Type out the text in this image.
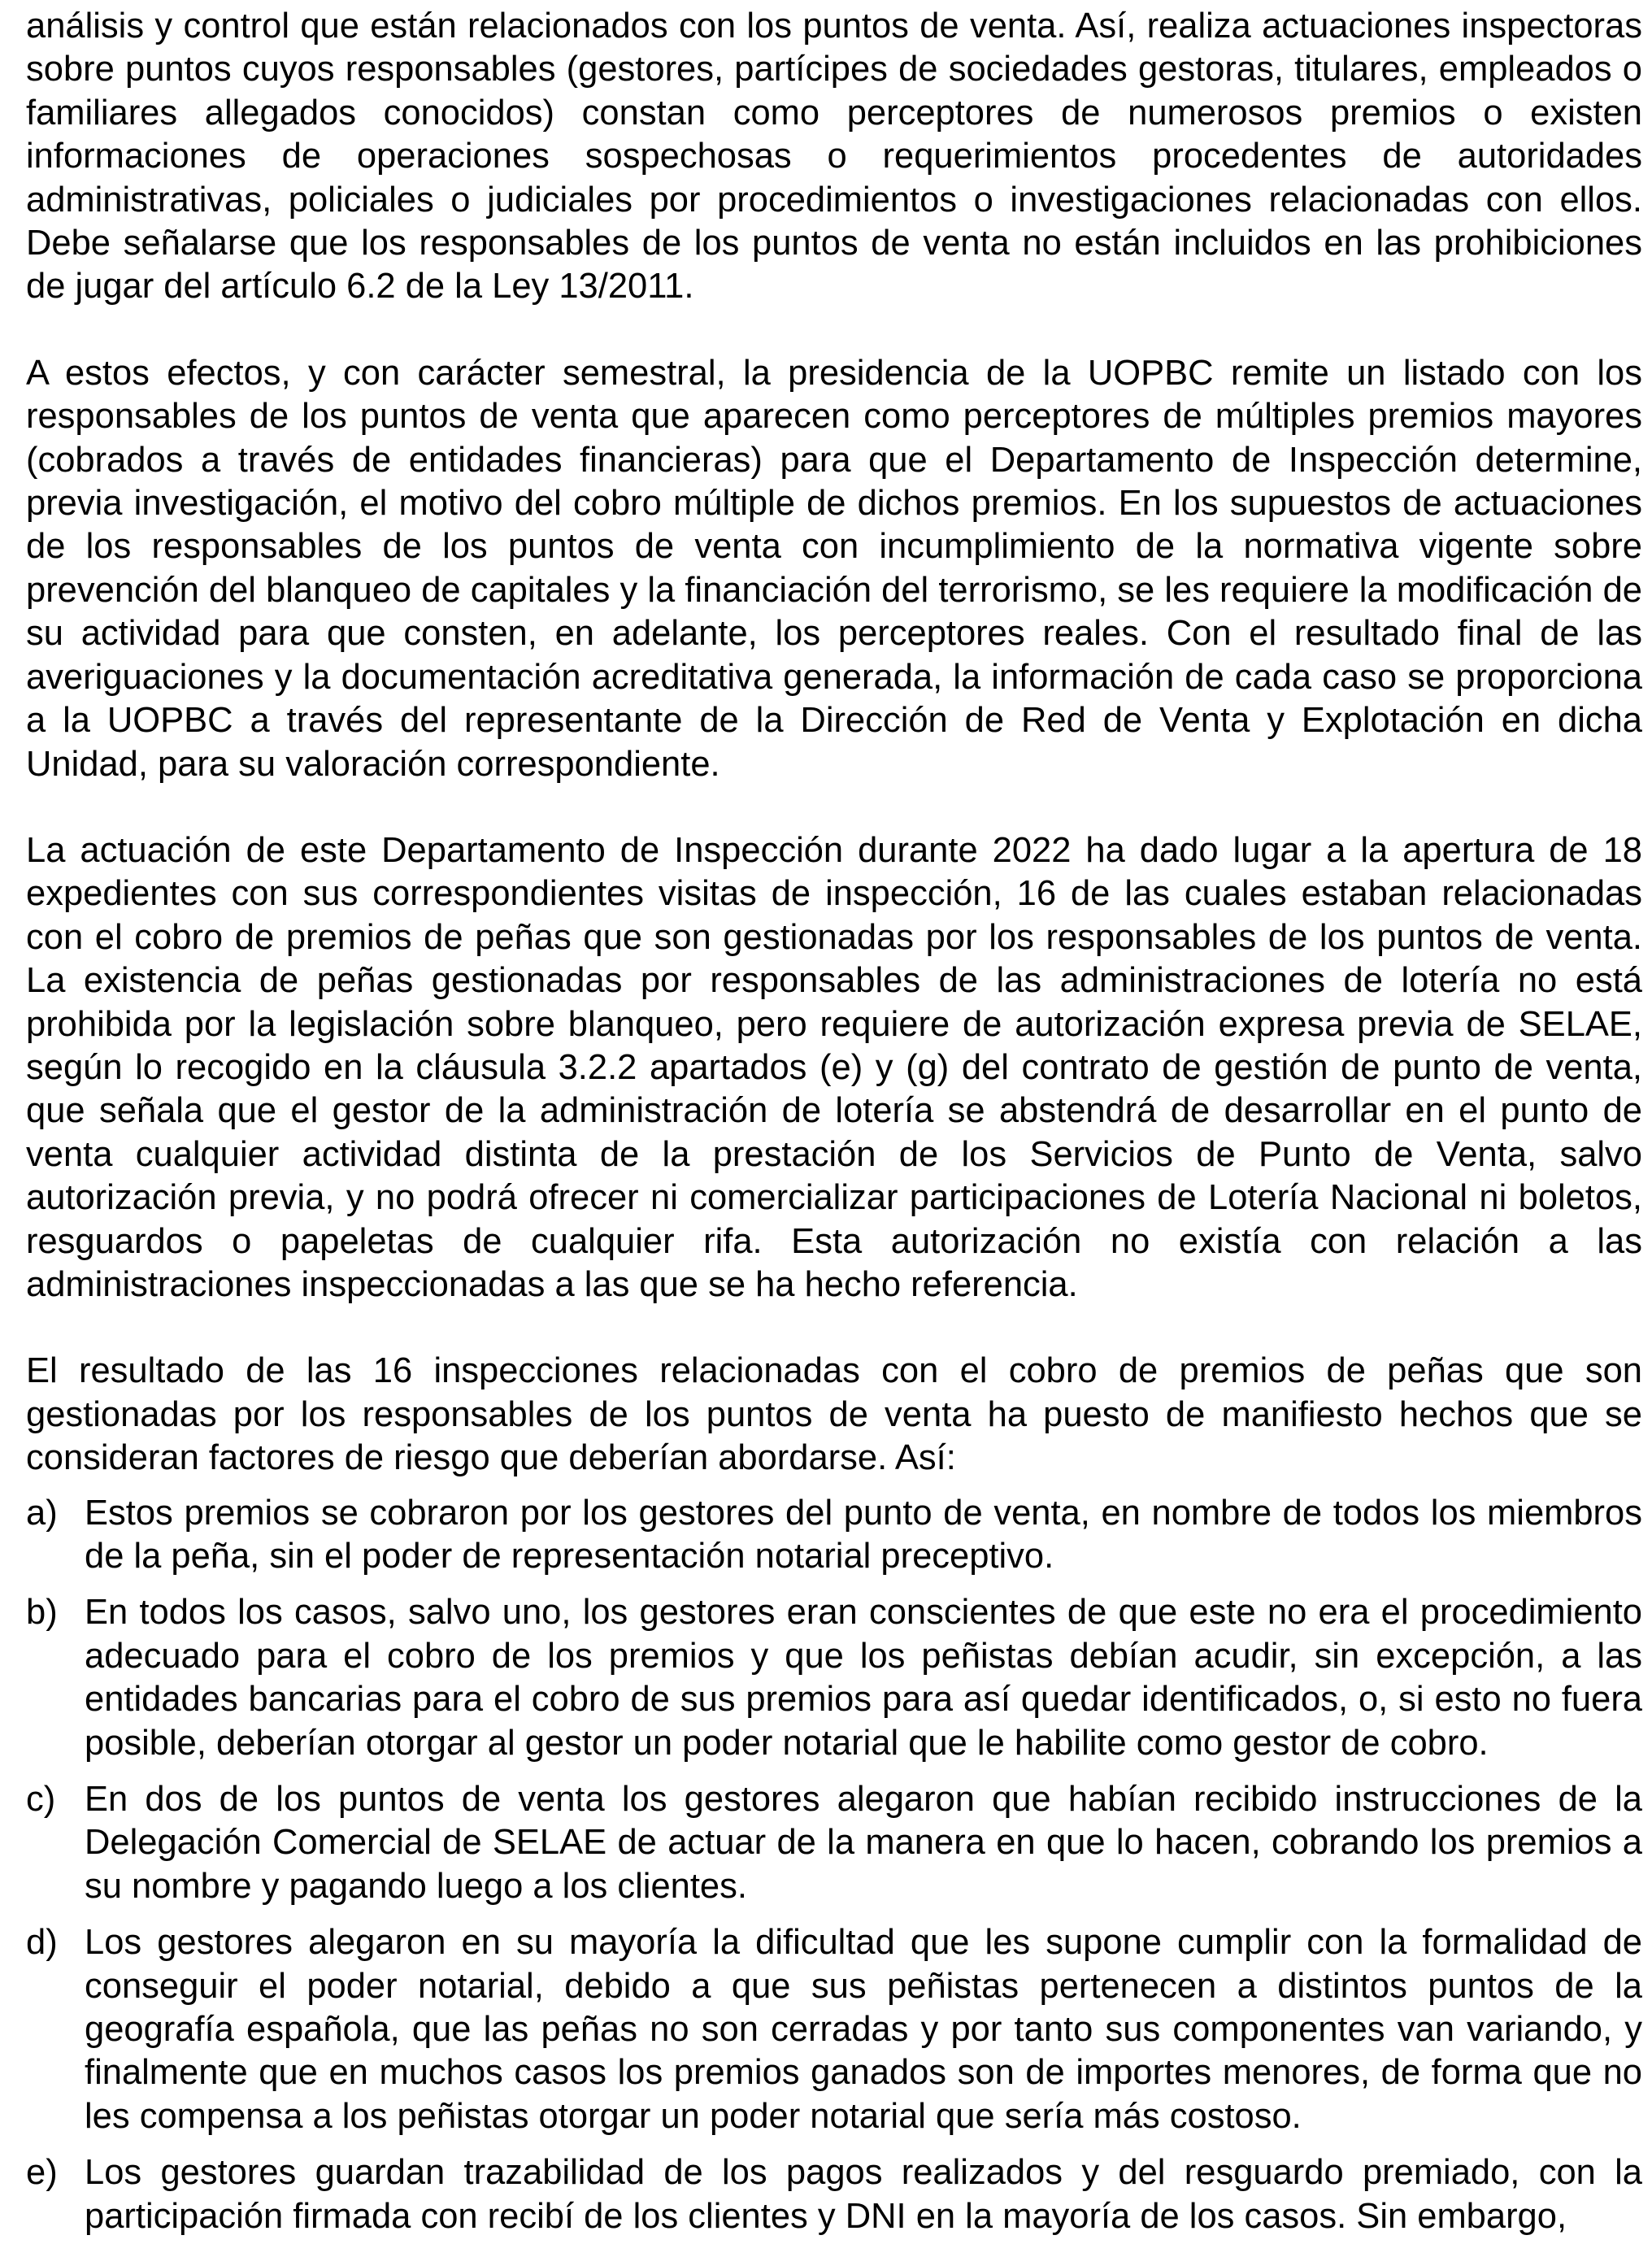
análisis y control que están relacionados con los puntos de venta. Así, realiza actuaciones inspectoras sobre puntos cuyos responsables (gestores, partícipes de sociedades gestoras, titulares, empleados o familiares allegados conocidos) constan como perceptores de numerosos premios o existen informaciones de operaciones sospechosas o requerimientos procedentes de autoridades administrativas, policiales o judiciales por procedimientos o investigaciones relacionadas con ellos. Debe señalarse que los responsables de los puntos de venta no están incluidos en las prohibiciones de jugar del artículo 6.2 de la Ley 13/2011.

A estos efectos, y con carácter semestral, la presidencia de la UOPBC remite un listado con los responsables de los puntos de venta que aparecen como perceptores de múltiples premios mayores (cobrados a través de entidades financieras) para que el Departamento de Inspección determine, previa investigación, el motivo del cobro múltiple de dichos premios. En los supuestos de actuaciones de los responsables de los puntos de venta con incumplimiento de la normativa vigente sobre prevención del blanqueo de capitales y la financiación del terrorismo, se les requiere la modificación de su actividad para que consten, en adelante, los perceptores reales. Con el resultado final de las averiguaciones y la documentación acreditativa generada, la información de cada caso se proporciona a la UOPBC a través del representante de la Dirección de Red de Venta y Explotación en dicha Unidad, para su valoración correspondiente.

La actuación de este Departamento de Inspección durante 2022 ha dado lugar a la apertura de 18 expedientes con sus correspondientes visitas de inspección, 16 de las cuales estaban relacionadas con el cobro de premios de peñas que son gestionadas por los responsables de los puntos de venta. La existencia de peñas gestionadas por responsables de las administraciones de lotería no está prohibida por la legislación sobre blanqueo, pero requiere de autorización expresa previa de SELAE, según lo recogido en la cláusula 3.2.2 apartados (e) y (g) del contrato de gestión de punto de venta, que señala que el gestor de la administración de lotería se abstendrá de desarrollar en el punto de venta cualquier actividad distinta de la prestación de los Servicios de Punto de Venta, salvo autorización previa, y no podrá ofrecer ni comercializar participaciones de Lotería Nacional ni boletos, resguardos o papeletas de cualquier rifa. Esta autorización no existía con relación a las administraciones inspeccionadas a las que se ha hecho referencia.

El resultado de las 16 inspecciones relacionadas con el cobro de premios de peñas que son gestionadas por los responsables de los puntos de venta ha puesto de manifiesto hechos que se consideran factores de riesgo que deberían abordarse. Así:

a) Estos premios se cobraron por los gestores del punto de venta, en nombre de todos los miembros de la peña, sin el poder de representación notarial preceptivo.
b) En todos los casos, salvo uno, los gestores eran conscientes de que este no era el procedimiento adecuado para el cobro de los premios y que los peñistas debían acudir, sin excepción, a las entidades bancarias para el cobro de sus premios para así quedar identificados, o, si esto no fuera posible, deberían otorgar al gestor un poder notarial que le habilite como gestor de cobro.
c) En dos de los puntos de venta los gestores alegaron que habían recibido instrucciones de la Delegación Comercial de SELAE de actuar de la manera en que lo hacen, cobrando los premios a su nombre y pagando luego a los clientes.
d) Los gestores alegaron en su mayoría la dificultad que les supone cumplir con la formalidad de conseguir el poder notarial, debido a que sus peñistas pertenecen a distintos puntos de la geografía española, que las peñas no son cerradas y por tanto sus componentes van variando, y finalmente que en muchos casos los premios ganados son de importes menores, de forma que no les compensa a los peñistas otorgar un poder notarial que sería más costoso.
e) Los gestores guardan trazabilidad de los pagos realizados y del resguardo premiado, con la participación firmada con recibí de los clientes y DNI en la mayoría de los casos. Sin embargo,
